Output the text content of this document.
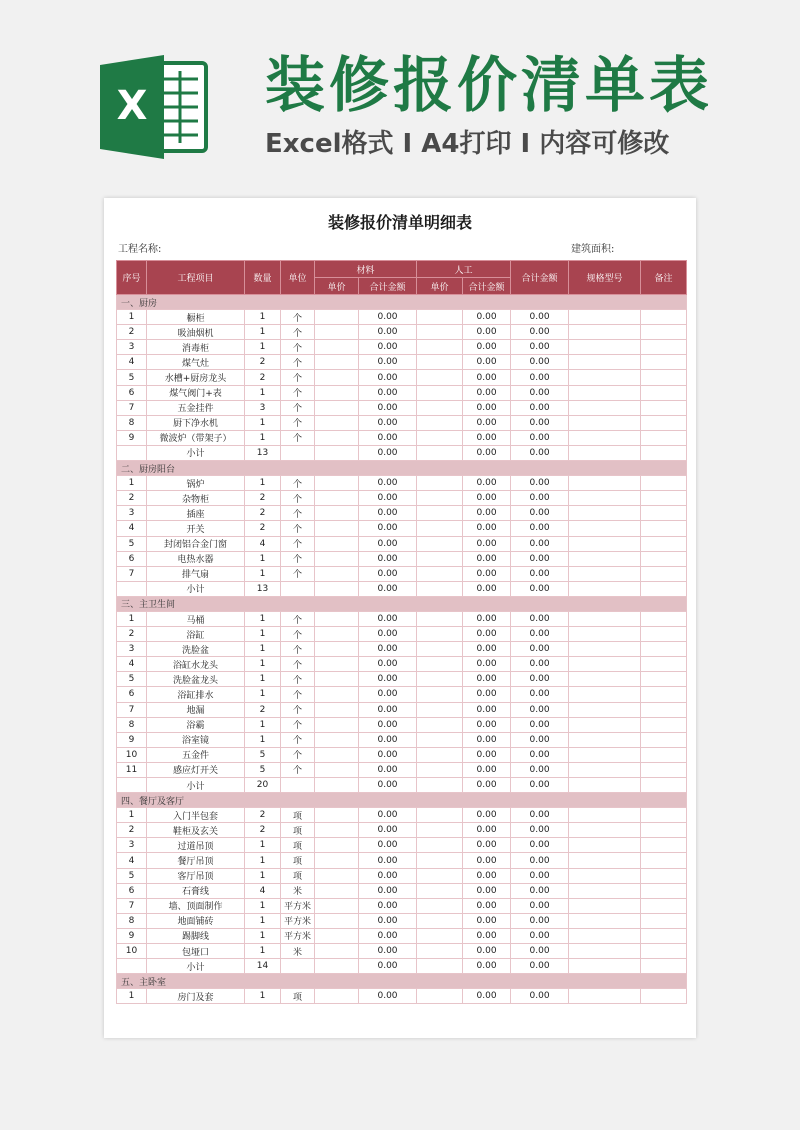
X 装修报价清单表
Excel格式 I A4打印 I 内容可修改
装修报价清单明细表
工程名称:	建筑面积:
序号	工程项目	数量	单位	材料		人工		合计金额	规格型号	备注
				单价	合计金额	单价	合计金额			
一、厨房										
1	橱柜	1	个		0.00		0.00	0.00		
2	吸油烟机	1	个		0.00		0.00	0.00		
3	消毒柜	1	个		0.00		0.00	0.00		
4	煤气灶	2	个		0.00		0.00	0.00		
5	水槽+厨房龙头	2	个		0.00		0.00	0.00		
6	煤气阀门+表	1	个		0.00		0.00	0.00		
7	五金挂件	3	个		0.00		0.00	0.00		
8	厨下净水机	1	个		0.00		0.00	0.00		
9	微波炉（带架子）	1	个		0.00		0.00	0.00		
	小计	13			0.00		0.00	0.00		
二、厨房阳台										
1	锅炉	1	个		0.00		0.00	0.00		
2	杂物柜	2	个		0.00		0.00	0.00		
3	插座	2	个		0.00		0.00	0.00		
4	开关	2	个		0.00		0.00	0.00		
5	封闭铝合金门窗	4	个		0.00		0.00	0.00		
6	电热水器	1	个		0.00		0.00	0.00		
7	排气扇	1	个		0.00		0.00	0.00		
	小计	13			0.00		0.00	0.00		
三、主卫生间										
1	马桶	1	个		0.00		0.00	0.00		
2	浴缸	1	个		0.00		0.00	0.00		
3	洗脸盆	1	个		0.00		0.00	0.00		
4	浴缸水龙头	1	个		0.00		0.00	0.00		
5	洗脸盆龙头	1	个		0.00		0.00	0.00		
6	浴缸排水	1	个		0.00		0.00	0.00		
7	地漏	2	个		0.00		0.00	0.00		
8	浴霸	1	个		0.00		0.00	0.00		
9	浴室镜	1	个		0.00		0.00	0.00		
10	五金件	5	个		0.00		0.00	0.00		
11	感应灯开关	5	个		0.00		0.00	0.00		
	小计	20			0.00		0.00	0.00		
四、餐厅及客厅										
1	入门半包套	2	项		0.00		0.00	0.00		
2	鞋柜及玄关	2	项		0.00		0.00	0.00		
3	过道吊顶	1	项		0.00		0.00	0.00		
4	餐厅吊顶	1	项		0.00		0.00	0.00		
5	客厅吊顶	1	项		0.00		0.00	0.00		
6	石膏线	4	米		0.00		0.00	0.00		
7	墙、顶面制作	1	平方米		0.00		0.00	0.00		
8	地面铺砖	1	平方米		0.00		0.00	0.00		
9	踢脚线	1	平方米		0.00		0.00	0.00		
10	包垭口	1	米		0.00		0.00	0.00		
	小计	14			0.00		0.00	0.00		
五、主卧室										
1	房门及套	1	项		0.00		0.00	0.00		
